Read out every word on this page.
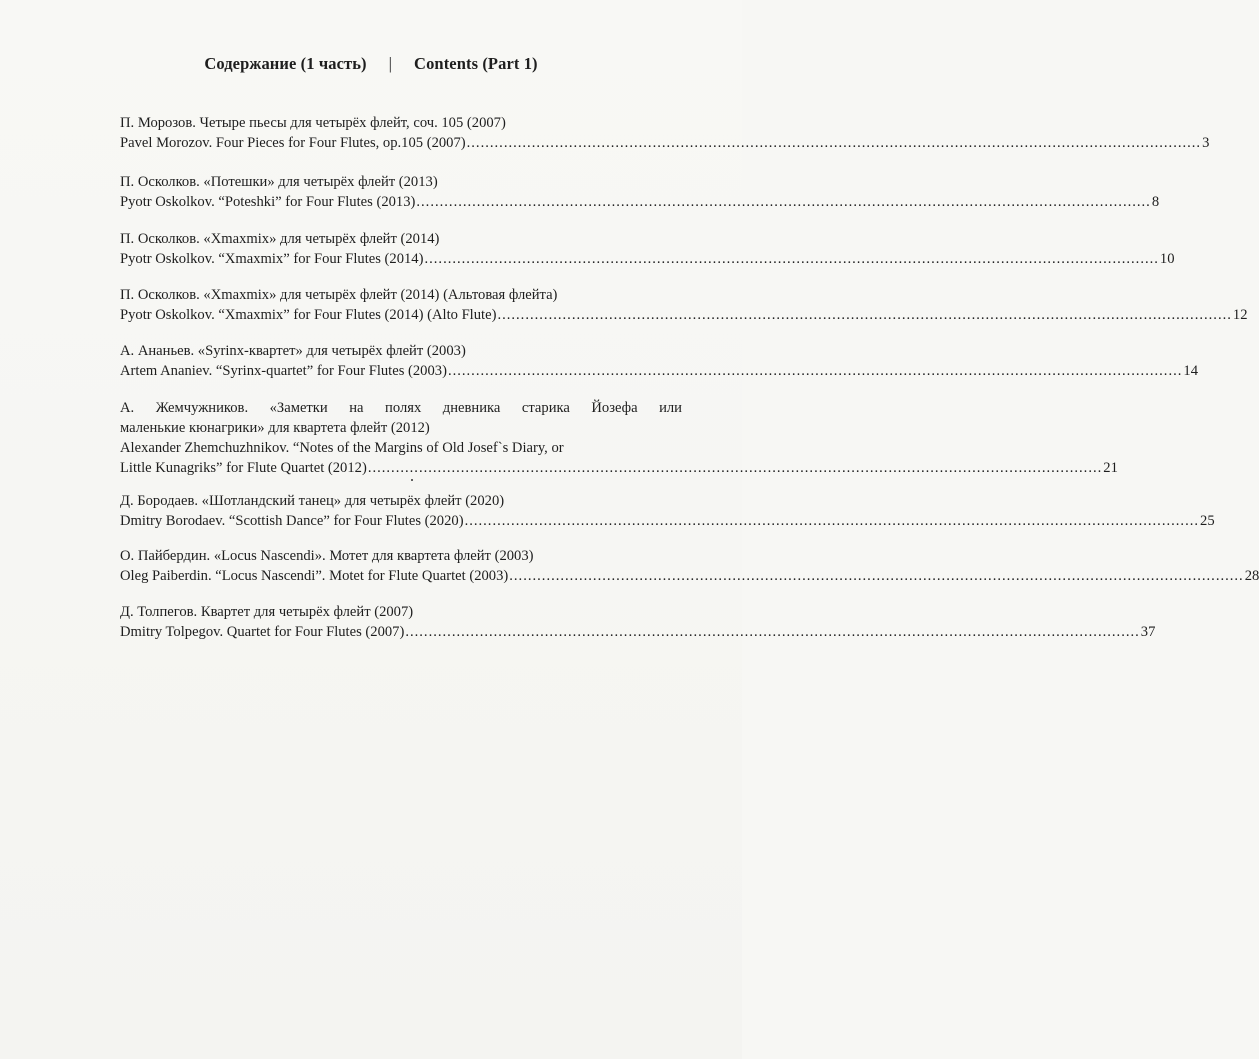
Содержание (1 часть) | Contents (Part 1)
П. Морозов. Четыре пьесы для четырёх флейт, соч. 105 (2007)
Pavel Morozov. Four Pieces for Four Flutes, op.105 (2007) .............................................................................................................................................................. 3
П. Осколков. «Потешки» для четырёх флейт (2013)
Pyotr Oskolkov. “Poteshki” for Four Flutes (2013) .............................................................................................................................................................. 8
П. Осколков. «Xmaxmix» для четырёх флейт (2014)
Pyotr Oskolkov. “Xmaxmix” for Four Flutes (2014) .............................................................................................................................................................. 10
П. Осколков. «Xmaxmix» для четырёх флейт (2014) (Альтовая флейта)
Pyotr Oskolkov. “Xmaxmix” for Four Flutes (2014) (Alto Flute) .............................................................................................................................................................. 12
А. Ананьев. «Syrinx-квартет» для четырёх флейт (2003)
Artem Ananiev. “Syrinx-quartet” for Four Flutes (2003) .............................................................................................................................................................. 14
А. Жемчужников. «Заметки на полях дневника старика Йозефа или
маленькие кюнагрики» для квартета флейт (2012)
Alexander Zhemchuzhnikov. “Notes of the Margins of Old Josef`s Diary, or
Little Kunagriks” for Flute Quartet (2012) .............................................................................................................................................................. 21
Д. Бородаев. «Шотландский танец» для четырёх флейт (2020)
Dmitry Borodaev. “Scottish Dance” for Four Flutes (2020) .............................................................................................................................................................. 25
О. Пайбердин. «Locus Nascendi». Мотет для квартета флейт (2003)
Oleg Paiberdin. “Locus Nascendi”. Motet for Flute Quartet (2003) .............................................................................................................................................................. 28
Д. Толпегов. Квартет для четырёх флейт (2007)
Dmitry Tolpegov. Quartet for Four Flutes (2007) .............................................................................................................................................................. 37
